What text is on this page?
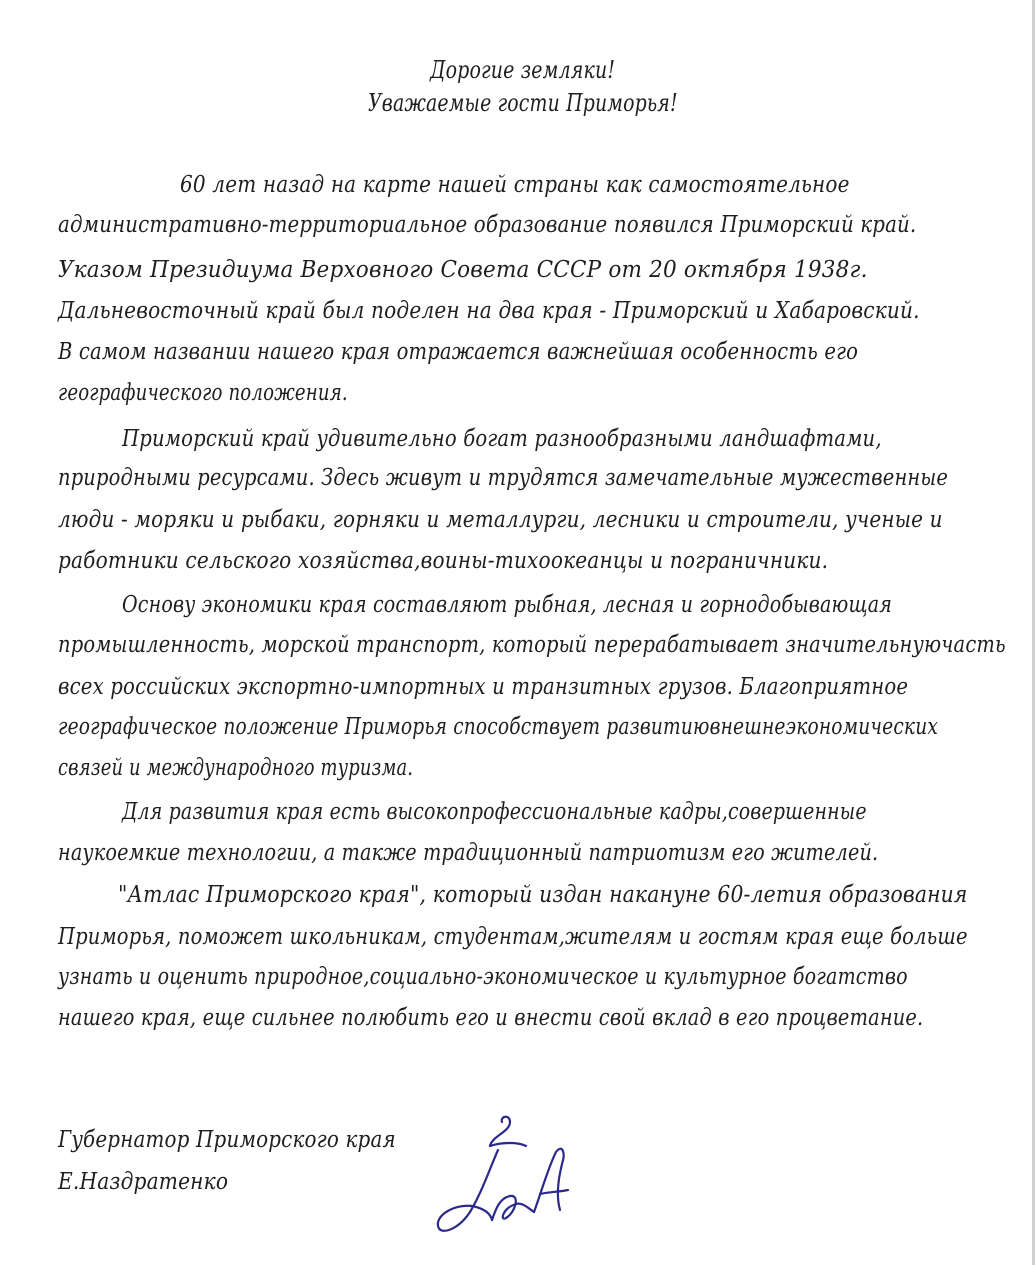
Дорогие земляки!
Уважаемые гости Приморья!
60 лет назад на карте нашей страны как самостоятельное
административно-территориальное образование появился Приморский край.
Указом Президиума Верховного Совета СССР от 20 октября 1938г.
Дальневосточный край был поделен на два края - Приморский и Хабаровский.
В самом названии нашего края отражается важнейшая особенность его
географического положения.
Приморский край удивительно богат разнообразными ландшафтами,
природными ресурсами. Здесь живут и трудятся замечательные мужественные
люди - моряки и рыбаки, горняки и металлурги, лесники и строители, ученые и
работники сельского хозяйства,воины-тихоокеанцы и пограничники.
Основу экономики края составляют рыбная, лесная и горнодобывающая
промышленность, морской транспорт, который перерабатывает значительнуючасть
всех российских экспортно-импортных и транзитных грузов. Благоприятное
географическое положение Приморья способствует развитиювнешнеэкономических
связей и международного туризма.
Для развития края есть высокопрофессиональные кадры,совершенные
наукоемкие технологии, а также традиционный патриотизм его жителей.
"Атлас Приморского края", который издан накануне 60-летия образования
Приморья, поможет школьникам, студентам,жителям и гостям края еще больше
узнать и оценить природное,социально-экономическое и культурное богатство
нашего края, еще сильнее полюбить его и внести свой вклад в его процветание.
Губернатор Приморского края
Е.Наздратенко
